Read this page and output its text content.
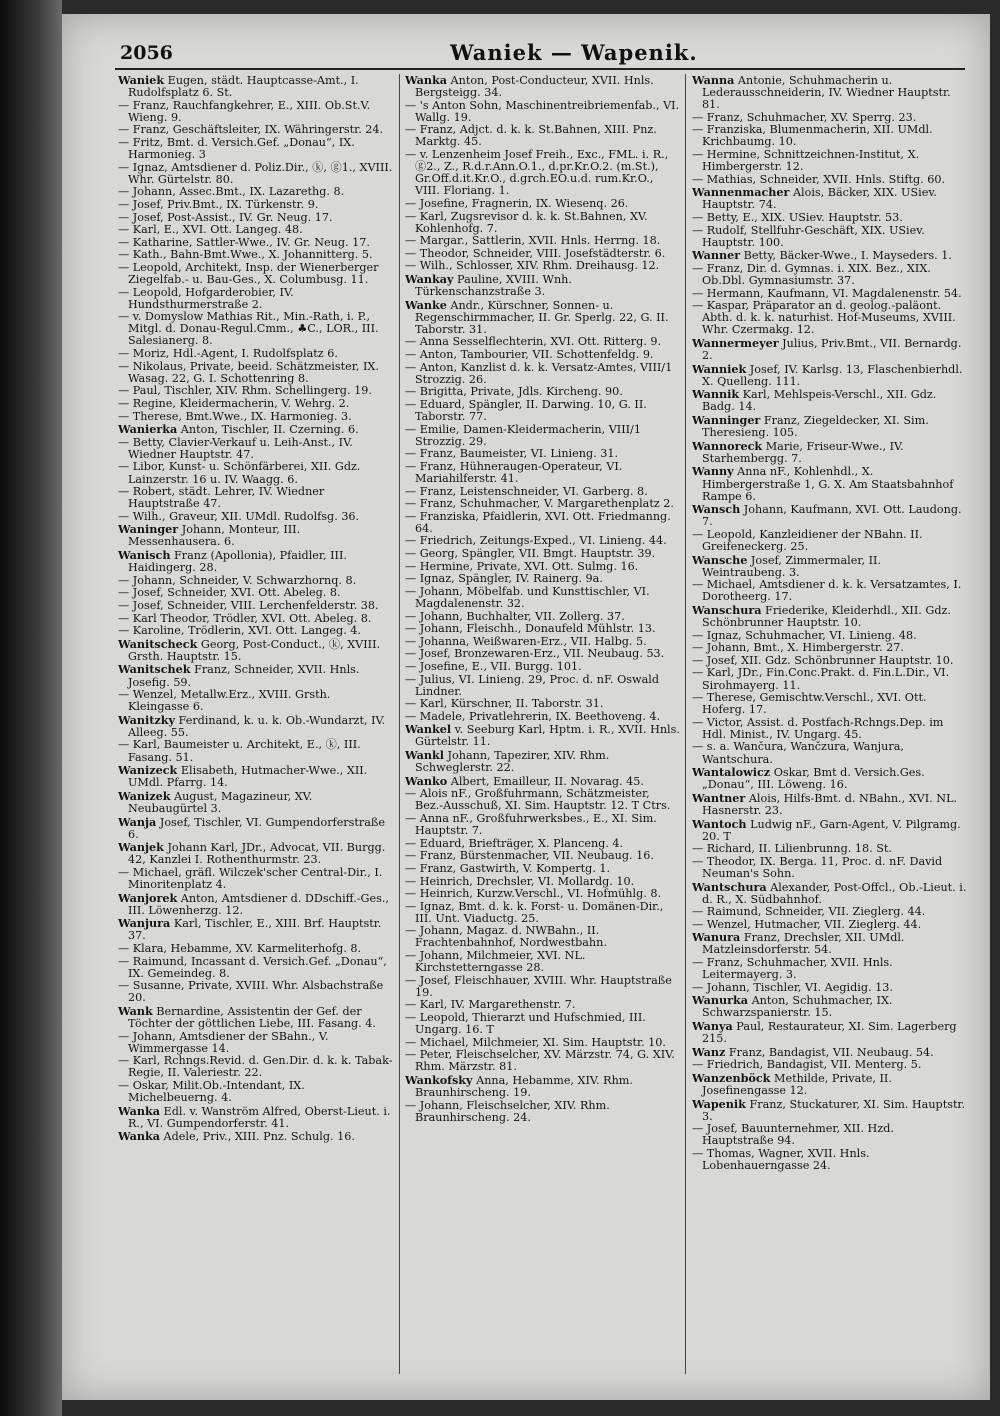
2056	Waniek — Wapenik.
Waniek Eugen, städt. Hauptcasse-Amt., I. Rudolfsplatz 6. St.
— Franz, Rauchfangkehrer, E., XIII. Ob.St.V. Wieng. 9.
— Franz, Geschäftsleiter, IX. Währingerstr. 24.
— Fritz, Bmt. d. Versich.Gef. „Donau“, IX. Harmonieg. 3
— Ignaz, Amtsdiener d. Poliz.Dir., ⓚ, ⓖ1., XVIII. Whr. Gürtelstr. 80.
— Johann, Assec.Bmt., IX. Lazarethg. 8.
— Josef, Priv.Bmt., IX. Türkenstr. 9.
— Josef, Post-Assist., IV. Gr. Neug. 17.
— Karl, E., XVI. Ott. Langeg. 48.
— Katharine, Sattler-Wwe., IV. Gr. Neug. 17.
— Kath., Bahn-Bmt.Wwe., X. Johannitterg. 5.
— Leopold, Architekt, Insp. der Wienerberger Ziegelfab.- u. Bau-Ges., X. Columbusg. 11.
— Leopold, Hofgarderobier, IV. Hundsthurmerstraße 2.
— v. Domyslow Mathias Rit., Min.-Rath, i. P., Mitgl. d. Donau-Regul.Cmm., ♣C., LOR., III. Salesianerg. 8.
— Moriz, Hdl.-Agent, I. Rudolfsplatz 6.
— Nikolaus, Private, beeid. Schätzmeister, IX. Wasag. 22, G. I. Schottenring 8.
— Paul, Tischler, XIV. Rhm. Schellingerg. 19.
— Regine, Kleidermacherin, V. Wehrg. 2.
— Therese, Bmt.Wwe., IX. Harmonieg. 3.
Wanierka Anton, Tischler, II. Czerning. 6.
— Betty, Clavier-Verkauf u. Leih-Anst., IV. Wiedner Hauptstr. 47.
— Libor, Kunst- u. Schönfärberei, XII. Gdz. Lainzerstr. 16 u. IV. Waagg. 6.
— Robert, städt. Lehrer, IV. Wiedner Hauptstraße 47.
— Wilh., Graveur, XII. UMdl. Rudolfsg. 36.
Waninger Johann, Monteur, III. Messenhausera. 6.
Wanisch Franz (Apollonia), Pfaidler, III. Haidingerg. 28.
— Johann, Schneider, V. Schwarzhornq. 8.
— Josef, Schneider, XVI. Ott. Abeleg. 8.
— Josef, Schneider, VIII. Lerchenfelderstr. 38.
— Karl Theodor, Trödler, XVI. Ott. Abeleg. 8.
— Karoline, Trödlerin, XVI. Ott. Langeg. 4.
Wanitscheck Georg, Post-Conduct., ⓚ, XVIII. Grsth. Hauptstr. 15.
Wanitschek Franz, Schneider, XVII. Hnls. Josefig. 59.
— Wenzel, Metallw.Erz., XVIII. Grsth. Kleingasse 6.
Wanitzky Ferdinand, k. u. k. Ob.-Wundarzt, IV. Alleeg. 55.
— Karl, Baumeister u. Architekt, E., ⓚ, III. Fasang. 51.
Wanizeck Elisabeth, Hutmacher-Wwe., XII. UMdl. Pfarrg. 14.
Wanizek August, Magazineur, XV. Neubaugürtel 3.
Wanja Josef, Tischler, VI. Gumpendorferstraße 6.
Wanjek Johann Karl, JDr., Advocat, VII. Burgg. 42, Kanzlei I. Rothenthurmstr. 23.
— Michael, gräfl. Wilczek'scher Central-Dir., I. Minoritenplatz 4.
Wanjorek Anton, Amtsdiener d. DDschiff.-Ges., III. Löwenherzg. 12.
Wanjura Karl, Tischler, E., XIII. Brf. Hauptstr. 37.
— Klara, Hebamme, XV. Karmeliterhofg. 8.
— Raimund, Incassant d. Versich.Gef. „Donau“, IX. Gemeindeg. 8.
— Susanne, Private, XVIII. Whr. Alsbachstraße 20.
Wank Bernardine, Assistentin der Gef. der Töchter der göttlichen Liebe, III. Fasang. 4.
— Johann, Amtsdiener der SBahn., V. Wimmergasse 14.
— Karl, Rchngs.Revid. d. Gen.Dir. d. k. k. Tabak-Regie, II. Valeriestr. 22.
— Oskar, Milit.Ob.-Intendant, IX. Michelbeuerng. 4.
Wanka Edl. v. Wanström Alfred, Oberst-Lieut. i. R., VI. Gumpendorferstr. 41.
Wanka Adele, Priv., XIII. Pnz. Schulg. 16.
Wanka Anton, Post-Conducteur, XVII. Hnls. Bergsteigg. 34.
— 's Anton Sohn, Maschinentreibriemenfab., VI. Wallg. 19.
— Franz, Adjct. d. k. k. St.Bahnen, XIII. Pnz. Marktg. 45.
— v. Lenzenheim Josef Freih., Exc., FML. i. R., ⓖ2., Z., R.d.r.Ann.O.1., d.pr.Kr.O.2. (m.St.), Gr.Off.d.it.Kr.O., d.grch.EO.u.d. rum.Kr.O., VIII. Floriang. 1.
— Josefine, Fragnerin, IX. Wiesenq. 26.
— Karl, Zugsrevisor d. k. k. St.Bahnen, XV. Kohlenhofg. 7.
— Margar., Sattlerin, XVII. Hnls. Herrng. 18.
— Theodor, Schneider, VIII. Josefstädterstr. 6.
— Wilh., Schlosser, XIV. Rhm. Dreihausg. 12.
Wankay Pauline, XVIII. Wnh. Türkenschanzstraße 3.
Wanke Andr., Kürschner, Sonnen- u. Regenschirmmacher, II. Gr. Sperlg. 22, G. II. Taborstr. 31.
— Anna Sesselflechterin, XVI. Ott. Ritterg. 9.
— Anton, Tambourier, VII. Schottenfeldg. 9.
— Anton, Kanzlist d. k. k. Versatz-Amtes, VIII/1 Strozzig. 26.
— Brigitta, Private, Jdls. Kircheng. 90.
— Eduard, Spängler, II. Darwing. 10, G. II. Taborstr. 77.
— Emilie, Damen-Kleidermacherin, VIII/1 Strozzig. 29.
— Franz, Baumeister, VI. Linieng. 31.
— Franz, Hühneraugen-Operateur, VI. Mariahilferstr. 41.
— Franz, Leistenschneider, VI. Garberg. 8.
— Franz, Schuhmacher, V. Margarethenplatz 2.
— Franziska, Pfaidlerin, XVI. Ott. Friedmanng. 64.
— Friedrich, Zeitungs-Exped., VI. Linieng. 44.
— Georg, Spängler, VII. Bmgt. Hauptstr. 39.
— Hermine, Private, XVI. Ott. Sulmg. 16.
— Ignaz, Spängler, IV. Rainerg. 9a.
— Johann, Möbelfab. und Kunsttischler, VI. Magdalenenstr. 32.
— Johann, Buchhalter, VII. Zollerg. 37.
— Johann, Fleischh., Donaufeld Mühlstr. 13.
— Johanna, Weißwaren-Erz., VII. Halbg. 5.
— Josef, Bronzewaren-Erz., VII. Neubaug. 53.
— Josefine, E., VII. Burgg. 101.
— Julius, VI. Linieng. 29, Proc. d. nF. Oswald Lindner.
— Karl, Kürschner, II. Taborstr. 31.
— Madele, Privatlehrerin, IX. Beethoveng. 4.
Wankel v. Seeburg Karl, Hptm. i. R., XVII. Hnls. Gürtelstr. 11.
Wankl Johann, Tapezirer, XIV. Rhm. Schweglerstr. 22.
Wanko Albert, Emailleur, II. Novarag. 45.
— Alois nF., Großfuhrmann, Schätzmeister, Bez.-Ausschuß, XI. Sim. Hauptstr. 12. T Ctrs.
— Anna nF., Großfuhrwerksbes., E., XI. Sim. Hauptstr. 7.
— Eduard, Briefträger, X. Planceng. 4.
— Franz, Bürstenmacher, VII. Neubaug. 16.
— Franz, Gastwirth, V. Kompertg. 1.
— Heinrich, Drechsler, VI. Mollardg. 10.
— Heinrich, Kurzw.Verschl., VI. Hofmühlg. 8.
— Ignaz, Bmt. d. k. k. Forst- u. Domänen-Dir., III. Unt. Viaductg. 25.
— Johann, Magaz. d. NWBahn., II. Frachtenbahnhof, Nordwestbahn.
— Johann, Milchmeier, XVI. NL. Kirchstetterngasse 28.
— Josef, Fleischhauer, XVIII. Whr. Hauptstraße 19.
— Karl, IV. Margarethenstr. 7.
— Leopold, Thierarzt und Hufschmied, III. Ungarg. 16. T
— Michael, Milchmeier, XI. Sim. Hauptstr. 10.
— Peter, Fleischselcher, XV. Märzstr. 74, G. XIV. Rhm. Märzstr. 81.
Wankofsky Anna, Hebamme, XIV. Rhm. Braunhirscheng. 19.
— Johann, Fleischselcher, XIV. Rhm. Braunhirscheng. 24.
Wanna Antonie, Schuhmacherin u. Lederausschneiderin, IV. Wiedner Hauptstr. 81.
— Franz, Schuhmacher, XV. Sperrg. 23.
— Franziska, Blumenmacherin, XII. UMdl. Krichbaumg. 10.
— Hermine, Schnittzeichnen-Institut, X. Himbergerstr. 12.
— Mathias, Schneider, XVII. Hnls. Stiftg. 60.
Wannenmacher Alois, Bäcker, XIX. USiev. Hauptstr. 74.
— Betty, E., XIX. USiev. Hauptstr. 53.
— Rudolf, Stellfuhr-Geschäft, XIX. USiev. Hauptstr. 100.
Wanner Betty, Bäcker-Wwe., I. Mayseders. 1.
— Franz, Dir. d. Gymnas. i. XIX. Bez., XIX. Ob.Dbl. Gymnasiumstr. 37.
— Hermann, Kaufmann, VI. Magdalenenstr. 54.
— Kaspar, Präparator an d. geolog.-paläont. Abth. d. k. k. naturhist. Hof-Museums, XVIII. Whr. Czermakg. 12.
Wannermeyer Julius, Priv.Bmt., VII. Bernardg. 2.
Wanniek Josef, IV. Karlsg. 13, Flaschenbierhdl. X. Quelleng. 111.
Wannik Karl, Mehlspeis-Verschl., XII. Gdz. Badg. 14.
Wanninger Franz, Ziegeldecker, XI. Sim. Theresieng. 105.
Wannoreck Marie, Friseur-Wwe., IV. Starhembergg. 7.
Wanny Anna nF., Kohlenhdl., X. Himbergerstraße 1, G. X. Am Staatsbahnhof Rampe 6.
Wansch Johann, Kaufmann, XVI. Ott. Laudong. 7.
— Leopold, Kanzleidiener der NBahn. II. Greifeneckerg. 25.
Wansche Josef, Zimmermaler, II. Weintraubeng. 3.
— Michael, Amtsdiener d. k. k. Versatzamtes, I. Dorotheerg. 17.
Wanschura Friederike, Kleiderhdl., XII. Gdz. Schönbrunner Hauptstr. 10.
— Ignaz, Schuhmacher, VI. Linieng. 48.
— Johann, Bmt., X. Himbergerstr. 27.
— Josef, XII. Gdz. Schönbrunner Hauptstr. 10.
— Karl, JDr., Fin.Conc.Prakt. d. Fin.L.Dir., VI. Sirohmayerg. 11.
— Therese, Gemischtw.Verschl., XVI. Ott. Hoferg. 17.
— Victor, Assist. d. Postfach-Rchngs.Dep. im Hdl. Minist., IV. Ungarg. 45.
— s. a. Wančura, Wančzura, Wanjura, Wantschura.
Wantalowicz Oskar, Bmt d. Versich.Ges. „Donau“, III. Löweng. 16.
Wantner Alois, Hilfs-Bmt. d. NBahn., XVI. NL. Hasnerstr. 23.
Wantoch Ludwig nF., Garn-Agent, V. Pilgramg. 20. T
— Richard, II. Lilienbrunng. 18. St.
— Theodor, IX. Berga. 11, Proc. d. nF. David Neuman's Sohn.
Wantschura Alexander, Post-Offcl., Ob.-Lieut. i. d. R., X. Südbahnhof.
— Raimund, Schneider, VII. Zieglerg. 44.
— Wenzel, Hutmacher, VII. Zieglerg. 44.
Wanura Franz, Drechsler, XII. UMdl. Matzleinsdorferstr. 54.
— Franz, Schuhmacher, XVII. Hnls. Leitermayerg. 3.
— Johann, Tischler, VI. Aegidig. 13.
Wanurka Anton, Schuhmacher, IX. Schwarzspanierstr. 15.
Wanya Paul, Restaurateur, XI. Sim. Lagerberg 215.
Wanz Franz, Bandagist, VII. Neubaug. 54.
— Friedrich, Bandagist, VII. Menterg. 5.
Wanzenböck Methilde, Private, II. Josefinengasse 12.
Wapenik Franz, Stuckaturer, XI. Sim. Hauptstr. 3.
— Josef, Bauunternehmer, XII. Hzd. Hauptstraße 94.
— Thomas, Wagner, XVII. Hnls. Lobenhauerngasse 24.
